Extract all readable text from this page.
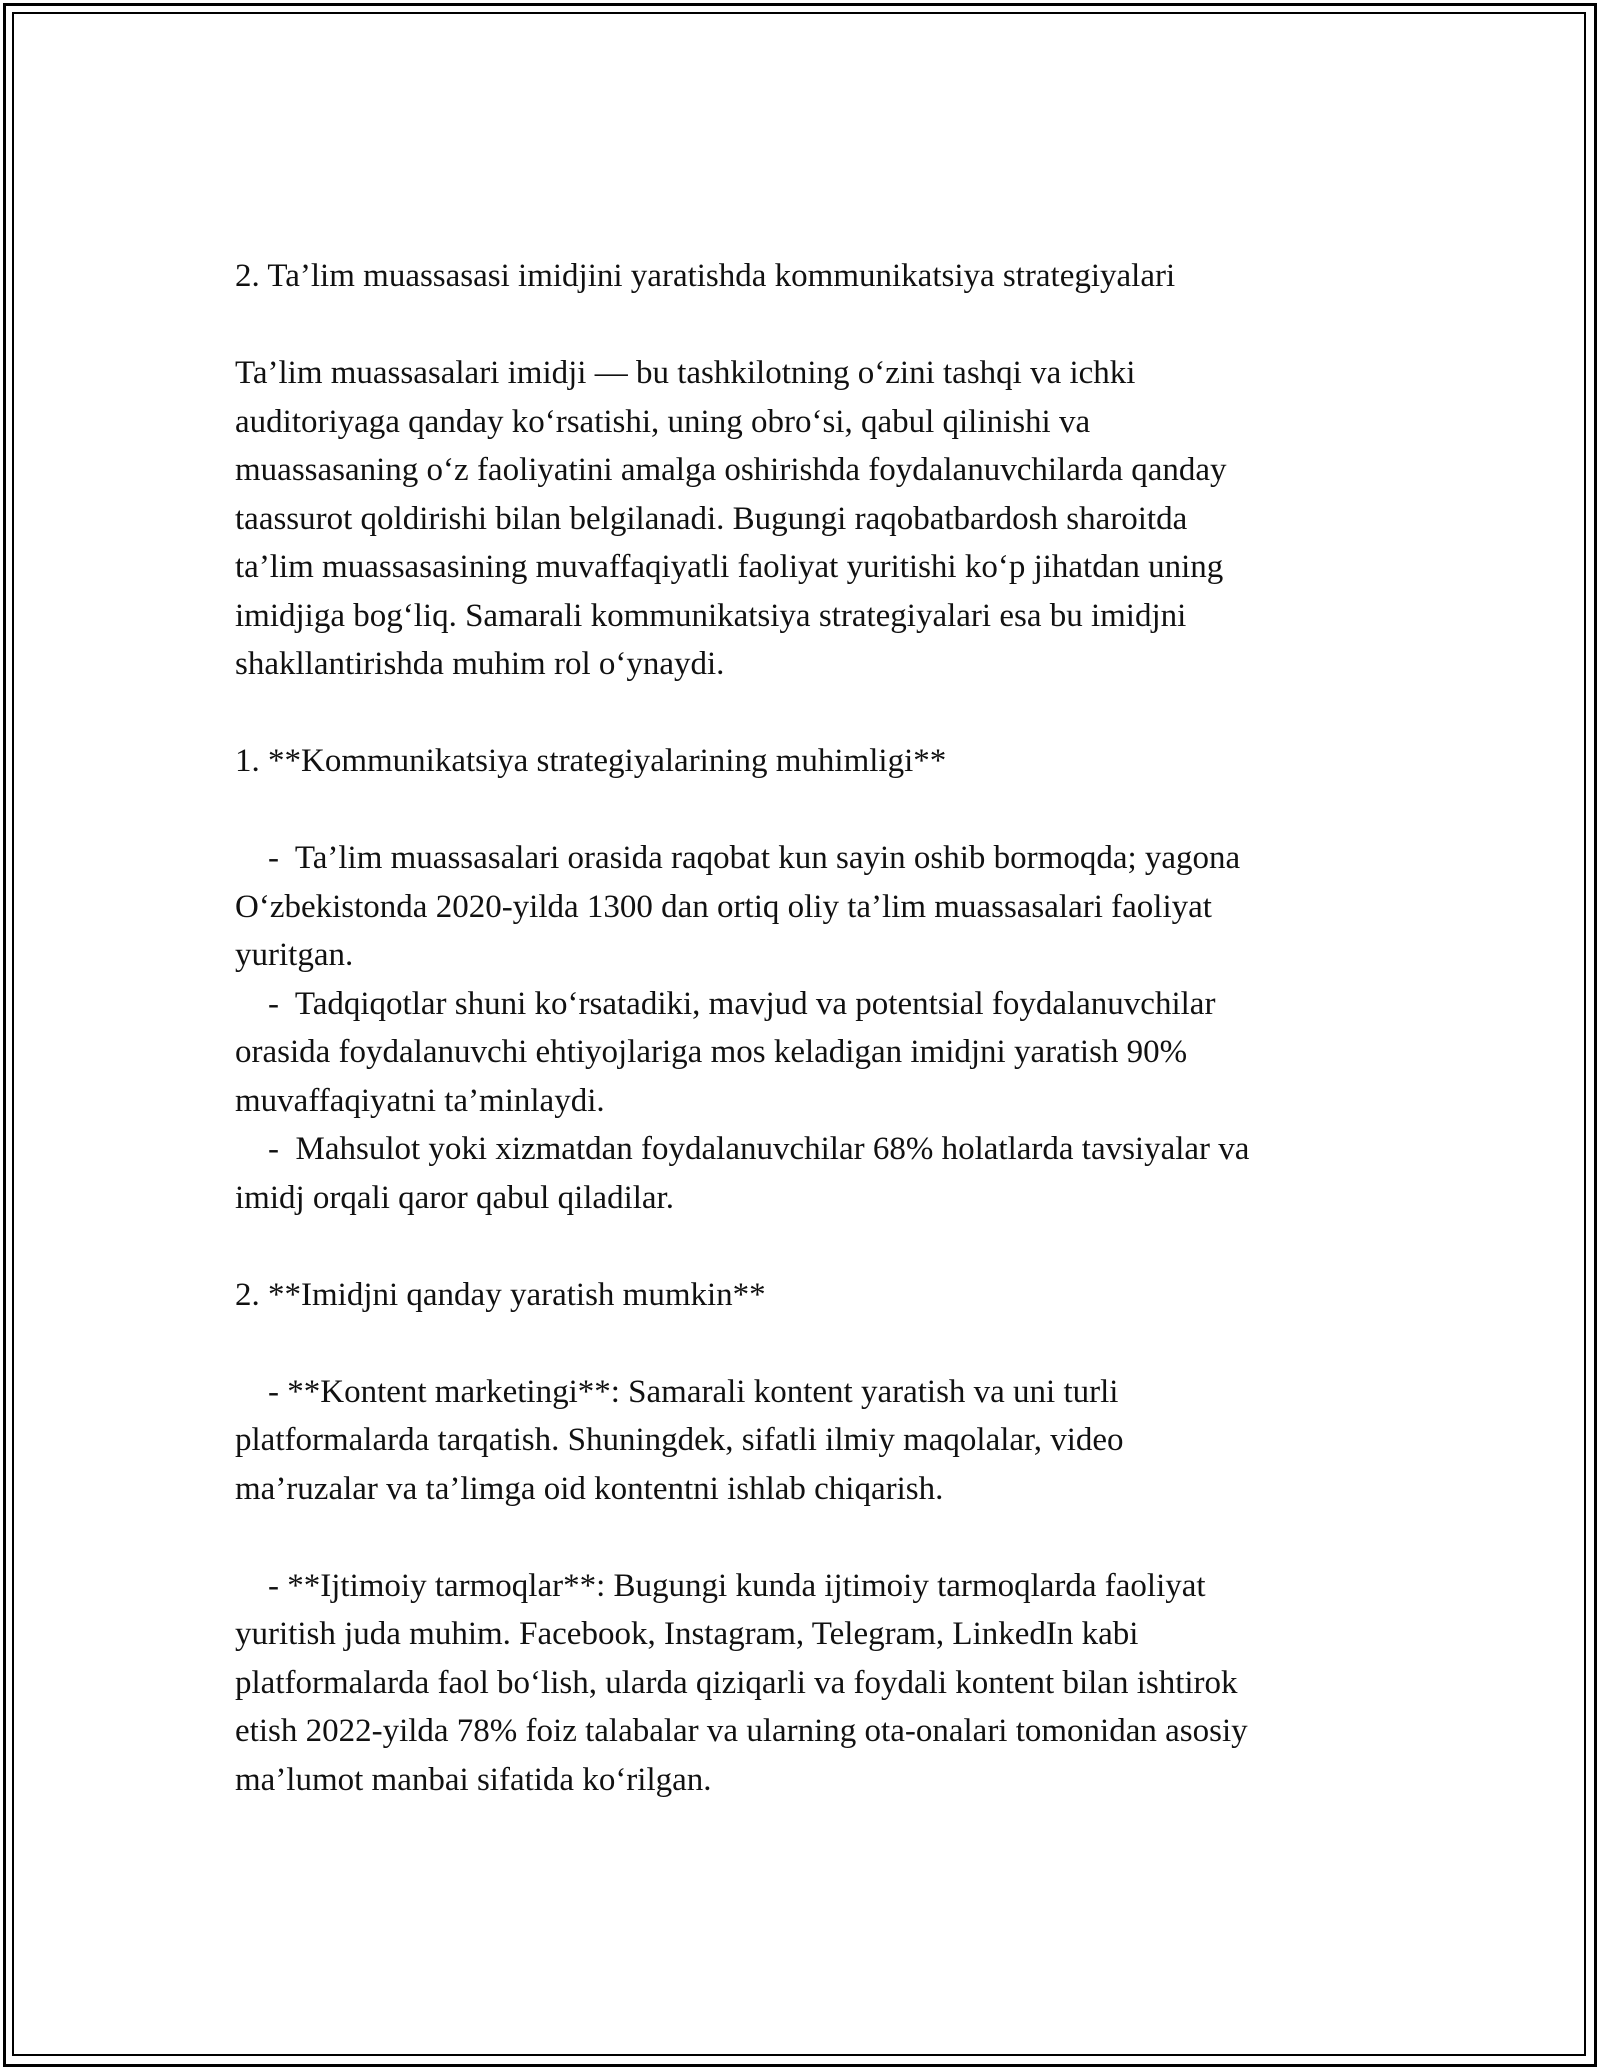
2. Ta’lim muassasasi imidjini yaratishda kommunikatsiya strategiyalari

Ta’lim muassasalari imidji — bu tashkilotning o‘zini tashqi va ichki

auditoriyaga qanday ko‘rsatishi, uning obro‘si, qabul qilinishi va

muassasaning o‘z faoliyatini amalga oshirishda foydalanuvchilarda qanday

taassurot qoldirishi bilan belgilanadi. Bugungi raqobatbardosh sharoitda

ta’lim muassasasining muvaffaqiyatli faoliyat yuritishi ko‘p jihatdan uning

imidjiga bog‘liq. Samarali kommunikatsiya strategiyalari esa bu imidjni

shakllantirishda muhim rol o‘ynaydi.

1. **Kommunikatsiya strategiyalarining muhimligi**

-  Ta’lim muassasalari orasida raqobat kun sayin oshib bormoqda; yagona

O‘zbekistonda 2020-yilda 1300 dan ortiq oliy ta’lim muassasalari faoliyat

yuritgan.

-  Tadqiqotlar shuni ko‘rsatadiki, mavjud va potentsial foydalanuvchilar

orasida foydalanuvchi ehtiyojlariga mos keladigan imidjni yaratish 90%

muvaffaqiyatni ta’minlaydi.

-  Mahsulot yoki xizmatdan foydalanuvchilar 68% holatlarda tavsiyalar va

imidj orqali qaror qabul qiladilar.

2. **Imidjni qanday yaratish mumkin**

- **Kontent marketingi**: Samarali kontent yaratish va uni turli

platformalarda tarqatish. Shuningdek, sifatli ilmiy maqolalar, video

ma’ruzalar va ta’limga oid kontentni ishlab chiqarish.

- **Ijtimoiy tarmoqlar**: Bugungi kunda ijtimoiy tarmoqlarda faoliyat

yuritish juda muhim. Facebook, Instagram, Telegram, LinkedIn kabi

platformalarda faol bo‘lish, ularda qiziqarli va foydali kontent bilan ishtirok

etish 2022-yilda 78% foiz talabalar va ularning ota-onalari tomonidan asosiy

ma’lumot manbai sifatida ko‘rilgan.
